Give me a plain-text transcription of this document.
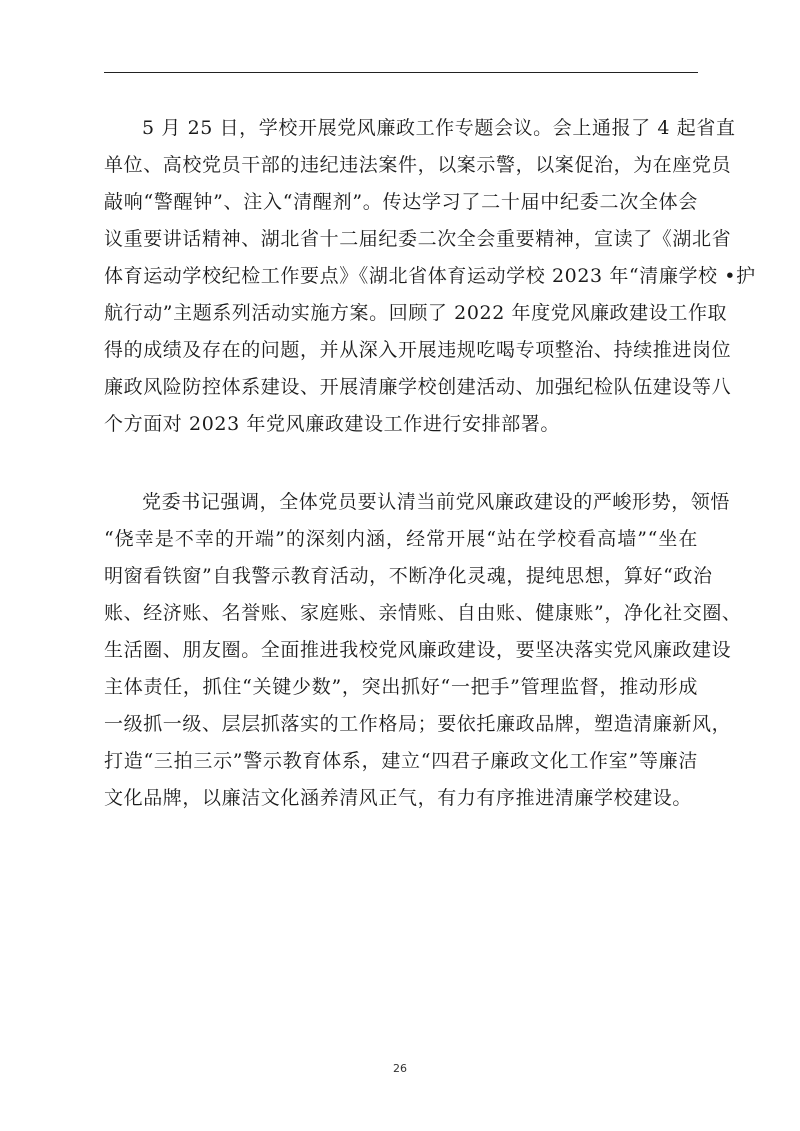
5 月 25 日，学校开展党风廉政工作专题会议。会上通报了 4 起省直
单位、高校党员干部的违纪违法案件，以案示警，以案促治，为在座党员
敲响“警醒钟”、注入“清醒剂”。传达学习了二十届中纪委二次全体会
议重要讲话精神、湖北省十二届纪委二次全会重要精神，宣读了《湖北省
体育运动学校纪检工作要点》《湖北省体育运动学校 2023 年“清廉学校 •护
航行动”主题系列活动实施方案。回顾了 2022 年度党风廉政建设工作取
得的成绩及存在的问题，并从深入开展违规吃喝专项整治、持续推进岗位
廉政风险防控体系建设、开展清廉学校创建活动、加强纪检队伍建设等八
个方面对 2023 年党风廉政建设工作进行安排部署。
党委书记强调，全体党员要认清当前党风廉政建设的严峻形势，领悟
“侥幸是不幸的开端”的深刻内涵，经常开展“站在学校看高墙”“坐在
明窗看铁窗”自我警示教育活动，不断净化灵魂，提纯思想，算好“政治
账、经济账、名誉账、家庭账、亲情账、自由账、健康账”，净化社交圈、
生活圈、朋友圈。全面推进我校党风廉政建设，要坚决落实党风廉政建设
主体责任，抓住“关键少数”，突出抓好“一把手”管理监督，推动形成
一级抓一级、层层抓落实的工作格局；要依托廉政品牌，塑造清廉新风，
打造“三拍三示”警示教育体系，建立“四君子廉政文化工作室”等廉洁
文化品牌，以廉洁文化涵养清风正气，有力有序推进清廉学校建设。
26
